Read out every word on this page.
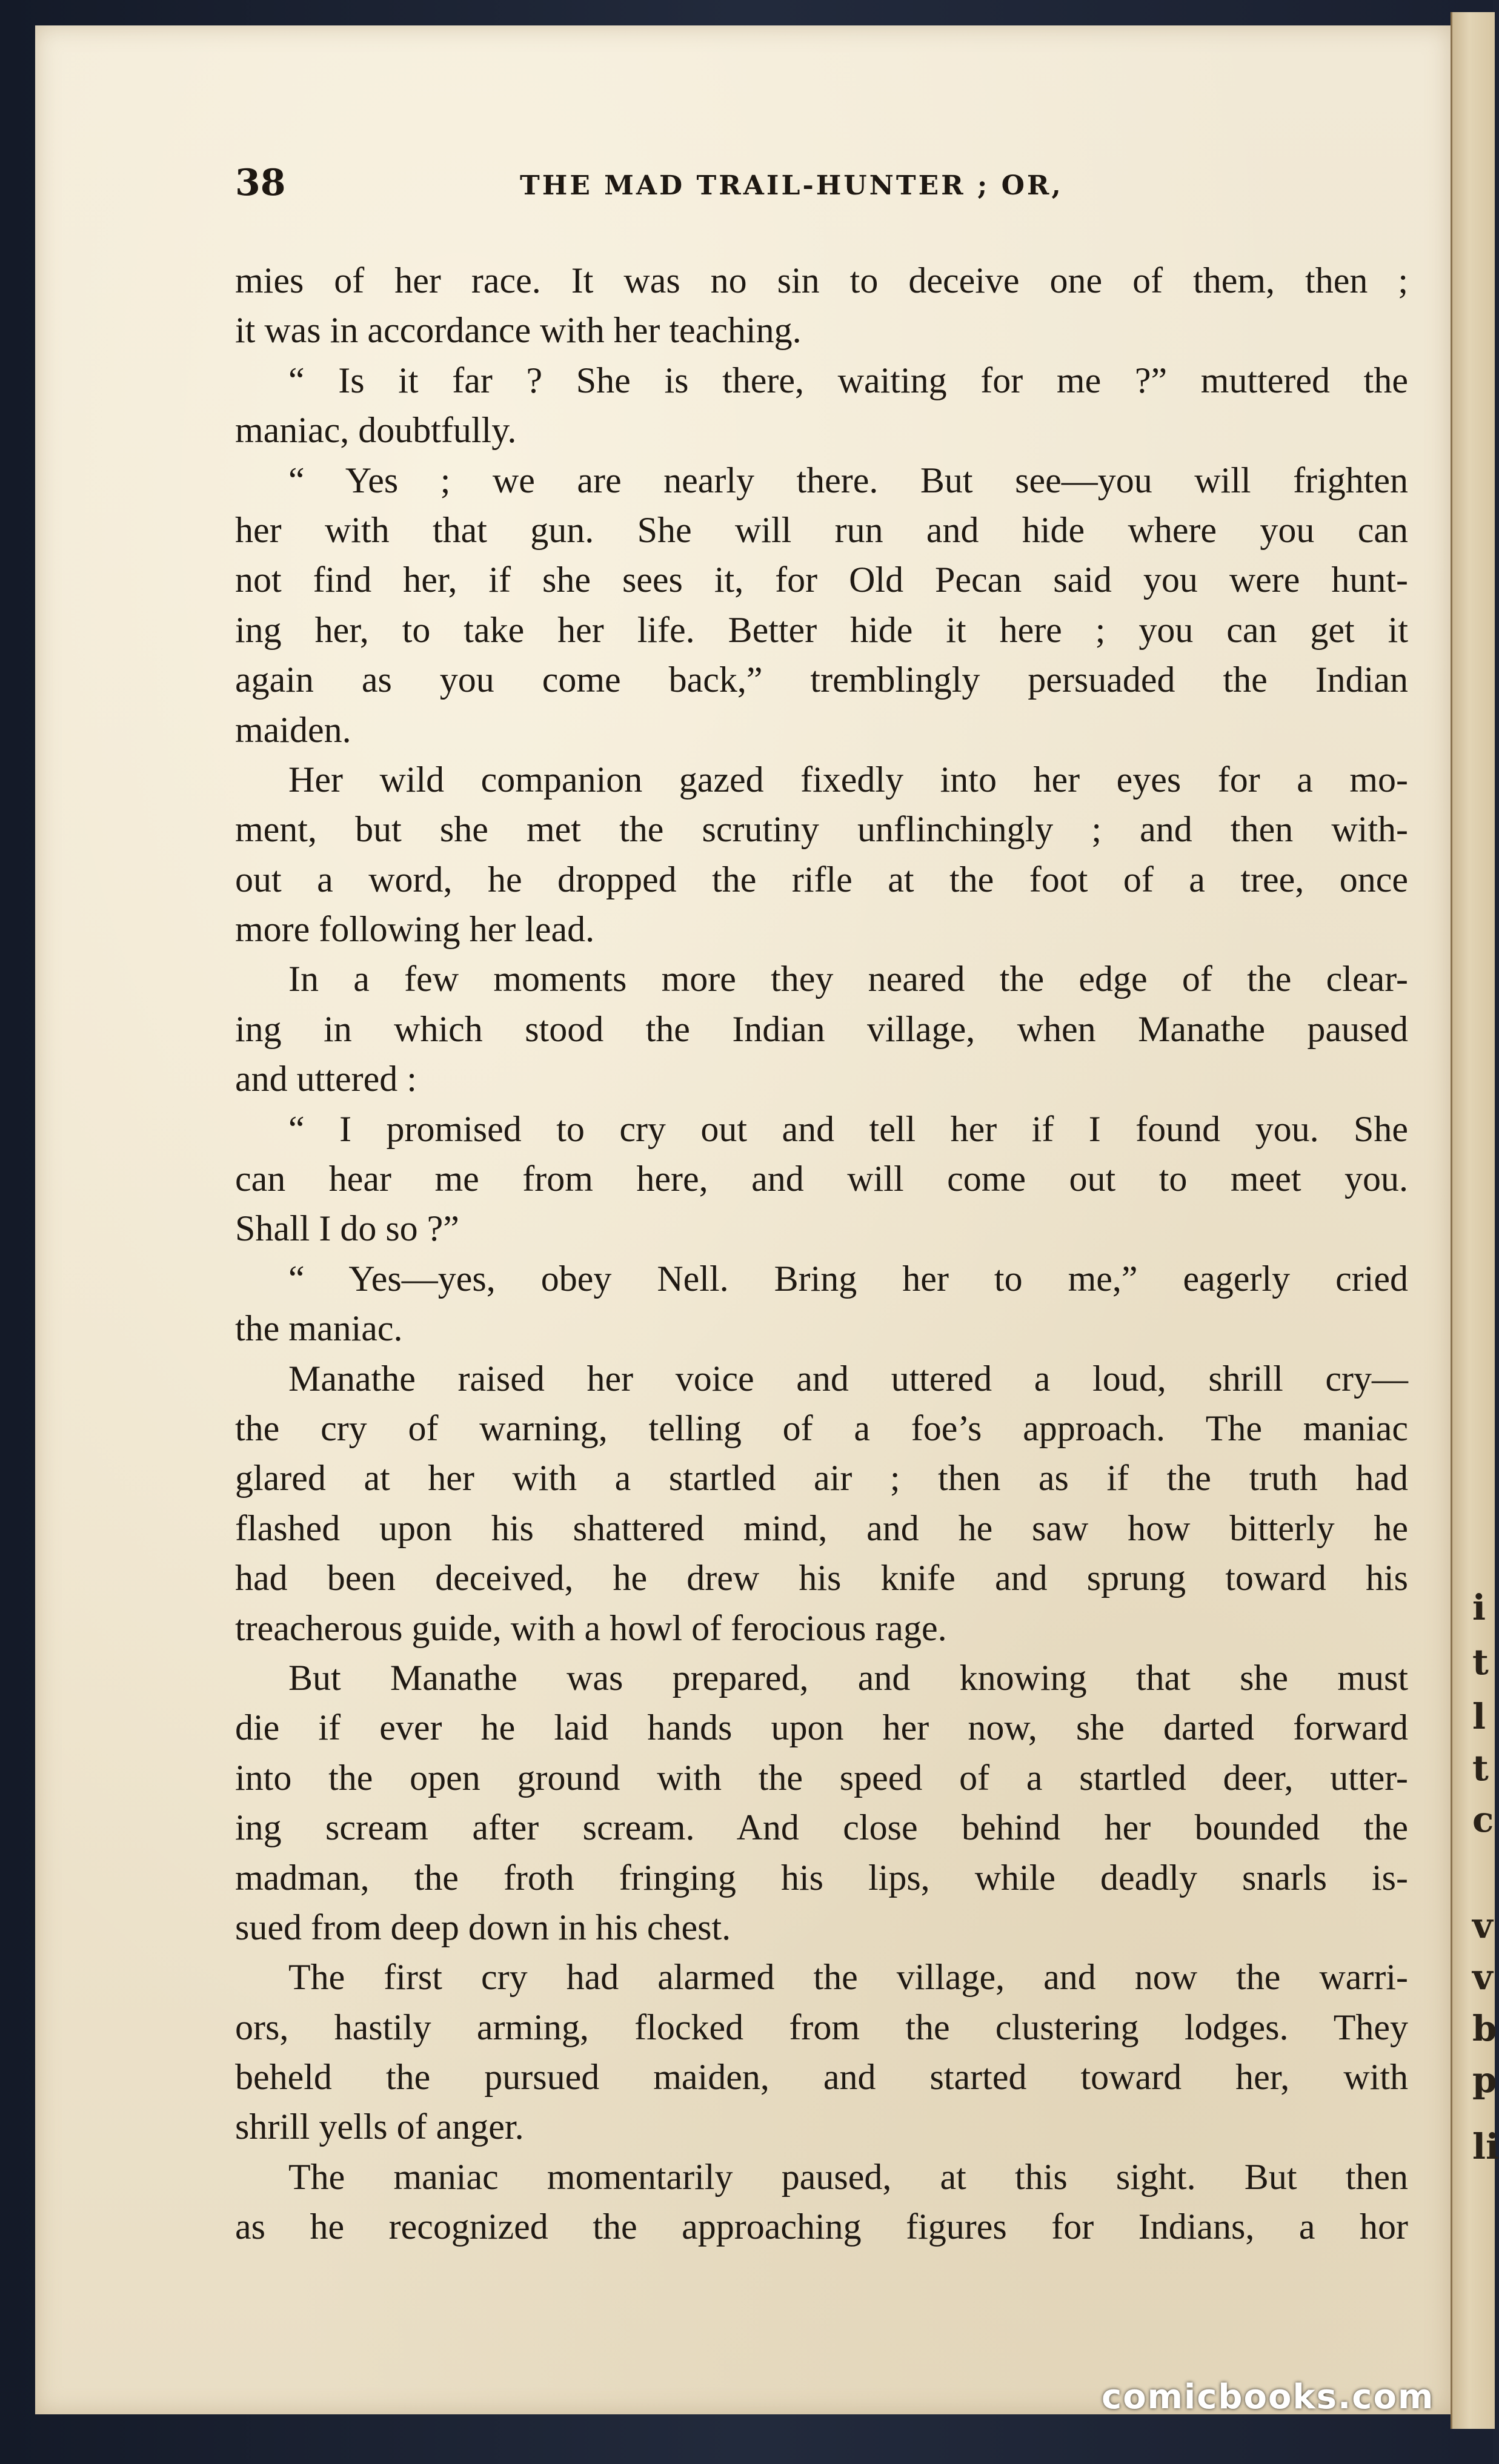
i
t
l
t
c
v
v
b
p
li
38	THE MAD TRAIL-HUNTER ; OR,
mies of her race. It was no sin to deceive one of them, then ;
it was in accordance with her teaching.
“ Is it far ? She is there, waiting for me ?” muttered the
maniac, doubtfully.
“ Yes ; we are nearly there. But see—you will frighten
her with that gun. She will run and hide where you can
not find her, if she sees it, for Old Pecan said you were hunt-
ing her, to take her life. Better hide it here ; you can get it
again as you come back,” tremblingly persuaded the Indian
maiden.
Her wild companion gazed fixedly into her eyes for a mo-
ment, but she met the scrutiny unflinchingly ; and then with-
out a word, he dropped the rifle at the foot of a tree, once
more following her lead.
In a few moments more they neared the edge of the clear-
ing in which stood the Indian village, when Manathe paused
and uttered :
“ I promised to cry out and tell her if I found you. She
can hear me from here, and will come out to meet you.
Shall I do so ?”
“ Yes—yes, obey Nell. Bring her to me,” eagerly cried
the maniac.
Manathe raised her voice and uttered a loud, shrill cry—
the cry of warning, telling of a foe’s approach. The maniac
glared at her with a startled air ; then as if the truth had
flashed upon his shattered mind, and he saw how bitterly he
had been deceived, he drew his knife and sprung toward his
treacherous guide, with a howl of ferocious rage.
But Manathe was prepared, and knowing that she must
die if ever he laid hands upon her now, she darted forward
into the open ground with the speed of a startled deer, utter-
ing scream after scream. And close behind her bounded the
madman, the froth fringing his lips, while deadly snarls is-
sued from deep down in his chest.
The first cry had alarmed the village, and now the warri-
ors, hastily arming, flocked from the clustering lodges. They
beheld the pursued maiden, and started toward her, with
shrill yells of anger.
The maniac momentarily paused, at this sight. But then
as he recognized the approaching figures for Indians, a hor
comicbooks.com
